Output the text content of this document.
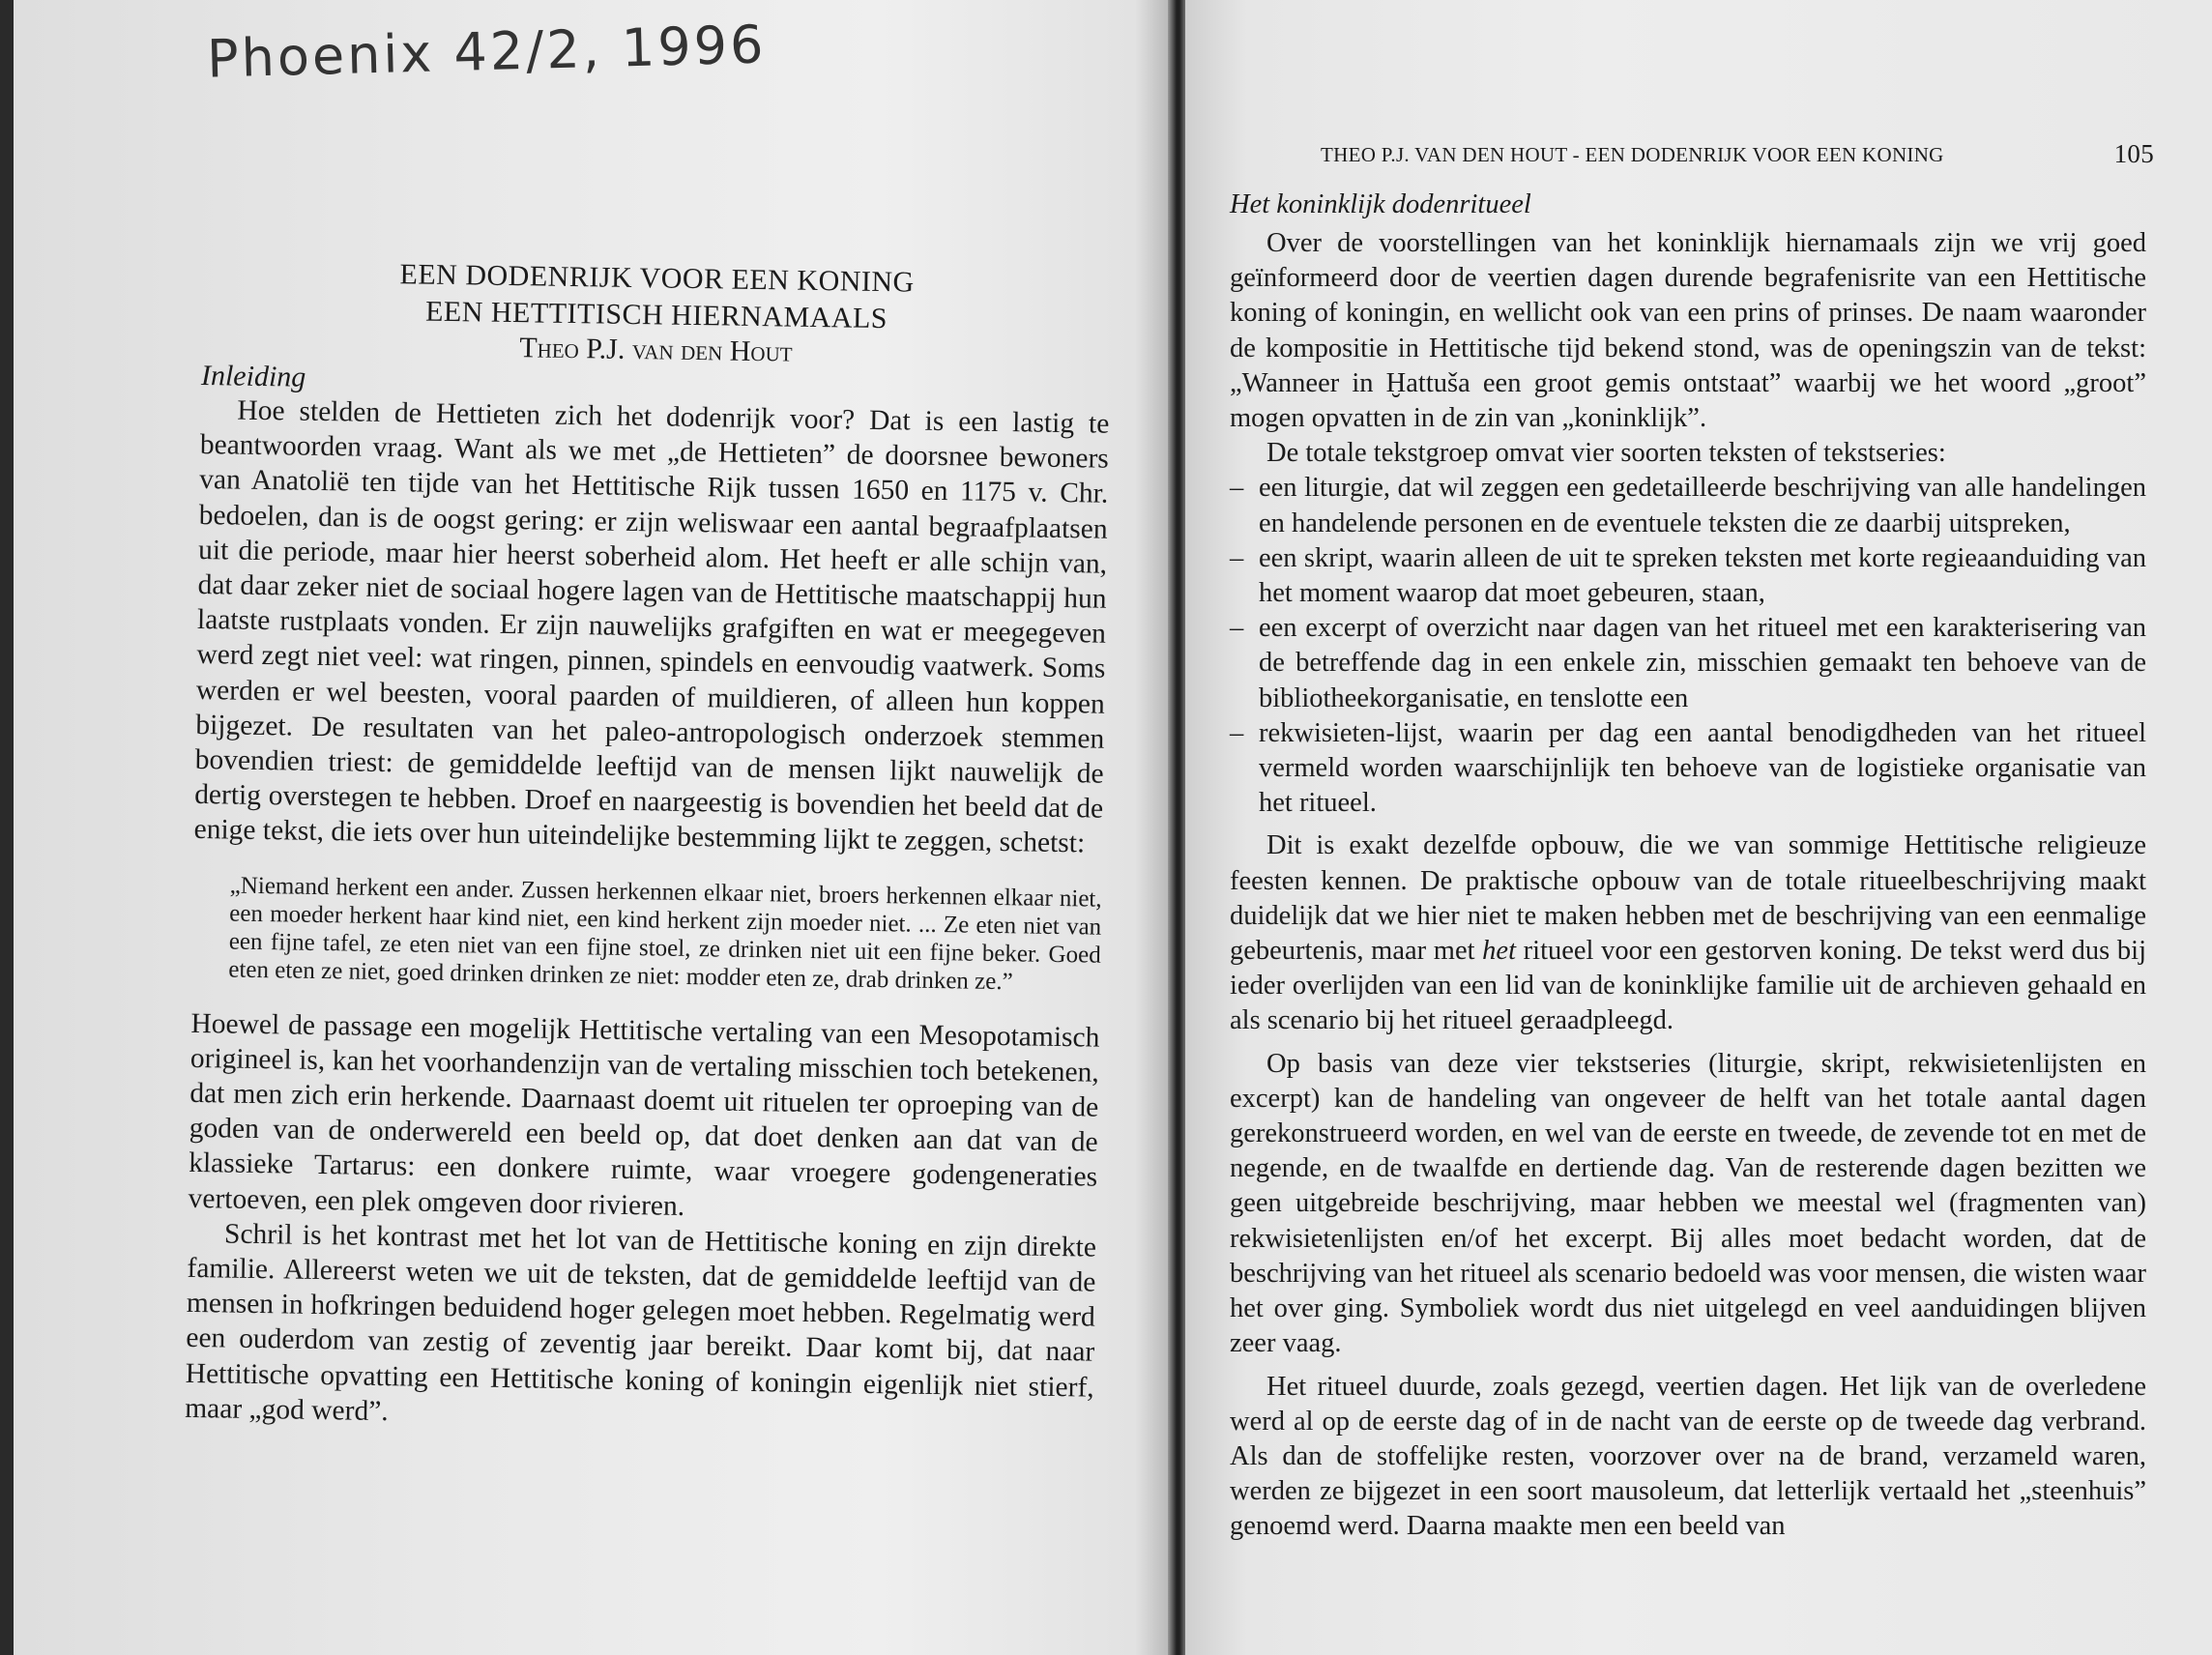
Phoenix 42/2, 1996
EEN DODENRIJK VOOR EEN KONING
EEN HETTITISCH HIERNAMAALS

Theo P.J. van den Hout

Inleiding

Hoe stelden de Hettieten zich het dodenrijk voor? Dat is een lastig te beantwoorden vraag. Want als we met „de Hettieten” de doorsnee bewoners van Anatolië ten tijde van het Hettitische Rijk tussen 1650 en 1175 v. Chr. bedoelen, dan is de oogst gering: er zijn weliswaar een aantal begraafplaatsen uit die periode, maar hier heerst soberheid alom. Het heeft er alle schijn van, dat daar zeker niet de sociaal hogere lagen van de Hettitische maatschappij hun laatste rustplaats vonden. Er zijn nauwelijks grafgiften en wat er meegegeven werd zegt niet veel: wat ringen, pinnen, spindels en eenvoudig vaatwerk. Soms werden er wel beesten, vooral paarden of muildieren, of alleen hun koppen bijgezet. De resultaten van het paleo-antropologisch onderzoek stemmen bovendien triest: de gemiddelde leeftijd van de mensen lijkt nauwelijk de dertig overstegen te hebben. Droef en naargeestig is bovendien het beeld dat de enige tekst, die iets over hun uiteindelijke bestemming lijkt te zeggen, schetst:

„Niemand herkent een ander. Zussen herkennen elkaar niet, broers herkennen elkaar niet, een moeder herkent haar kind niet, een kind herkent zijn moeder niet. ... Ze eten niet van een fijne tafel, ze eten niet van een fijne stoel, ze drinken niet uit een fijne beker. Goed eten eten ze niet, goed drinken drinken ze niet: modder eten ze, drab drinken ze.”

Hoewel de passage een mogelijk Hettitische vertaling van een Mesopotamisch origineel is, kan het voorhandenzijn van de vertaling misschien toch betekenen, dat men zich erin herkende. Daarnaast doemt uit rituelen ter oproeping van de goden van de onderwereld een beeld op, dat doet denken aan dat van de klassieke Tartarus: een donkere ruimte, waar vroegere godengeneraties vertoeven, een plek omgeven door rivieren.

Schril is het kontrast met het lot van de Hettitische koning en zijn direkte familie. Allereerst weten we uit de teksten, dat de gemiddelde leeftijd van de mensen in hofkringen beduidend hoger gelegen moet hebben. Regelmatig werd een ouderdom van zestig of zeventig jaar bereikt. Daar komt bij, dat naar Hettitische opvatting een Hettitische koning of koningin eigenlijk niet stierf, maar „god werd”.

THEO P.J. VAN DEN HOUT - EEN DODENRIJK VOOR EEN KONING	105

Het koninklijk dodenritueel

Over de voorstellingen van het koninklijk hiernamaals zijn we vrij goed geïnformeerd door de veertien dagen durende begrafenisrite van een Hettitische koning of koningin, en wellicht ook van een prins of prinses. De naam waaronder de kompositie in Hettitische tijd bekend stond, was de openingszin van de tekst: „Wanneer in Ḫattuša een groot gemis ontstaat” waarbij we het woord „groot” mogen opvatten in de zin van „koninklijk”.

De totale tekstgroep omvat vier soorten teksten of tekstseries:

– een liturgie, dat wil zeggen een gedetailleerde beschrijving van alle handelingen en handelende personen en de eventuele teksten die ze daarbij uitspreken,
– een skript, waarin alleen de uit te spreken teksten met korte regieaanduiding van het moment waarop dat moet gebeuren, staan,
– een excerpt of overzicht naar dagen van het ritueel met een karakterisering van de betreffende dag in een enkele zin, misschien gemaakt ten behoeve van de bibliotheekorganisatie, en tenslotte een
– rekwisieten-lijst, waarin per dag een aantal benodigdheden van het ritueel vermeld worden waarschijnlijk ten behoeve van de logistieke organisatie van het ritueel.

Dit is exakt dezelfde opbouw, die we van sommige Hettitische religieuze feesten kennen. De praktische opbouw van de totale ritueelbeschrijving maakt duidelijk dat we hier niet te maken hebben met de beschrijving van een eenmalige gebeurtenis, maar met het ritueel voor een gestorven koning. De tekst werd dus bij ieder overlijden van een lid van de koninklijke familie uit de archieven gehaald en als scenario bij het ritueel geraadpleegd.

Op basis van deze vier tekstseries (liturgie, skript, rekwisietenlijsten en excerpt) kan de handeling van ongeveer de helft van het totale aantal dagen gerekonstrueerd worden, en wel van de eerste en tweede, de zevende tot en met de negende, en de twaalfde en dertiende dag. Van de resterende dagen bezitten we geen uitgebreide beschrijving, maar hebben we meestal wel (fragmenten van) rekwisietenlijsten en/of het excerpt. Bij alles moet bedacht worden, dat de beschrijving van het ritueel als scenario bedoeld was voor mensen, die wisten waar het over ging. Symboliek wordt dus niet uitgelegd en veel aanduidingen blijven zeer vaag.

Het ritueel duurde, zoals gezegd, veertien dagen. Het lijk van de overledene werd al op de eerste dag of in de nacht van de eerste op de tweede dag verbrand. Als dan de stoffelijke resten, voorzover over na de brand, verzameld waren, werden ze bijgezet in een soort mausoleum, dat letterlijk vertaald het „steenhuis” genoemd werd. Daarna maakte men een beeld van
